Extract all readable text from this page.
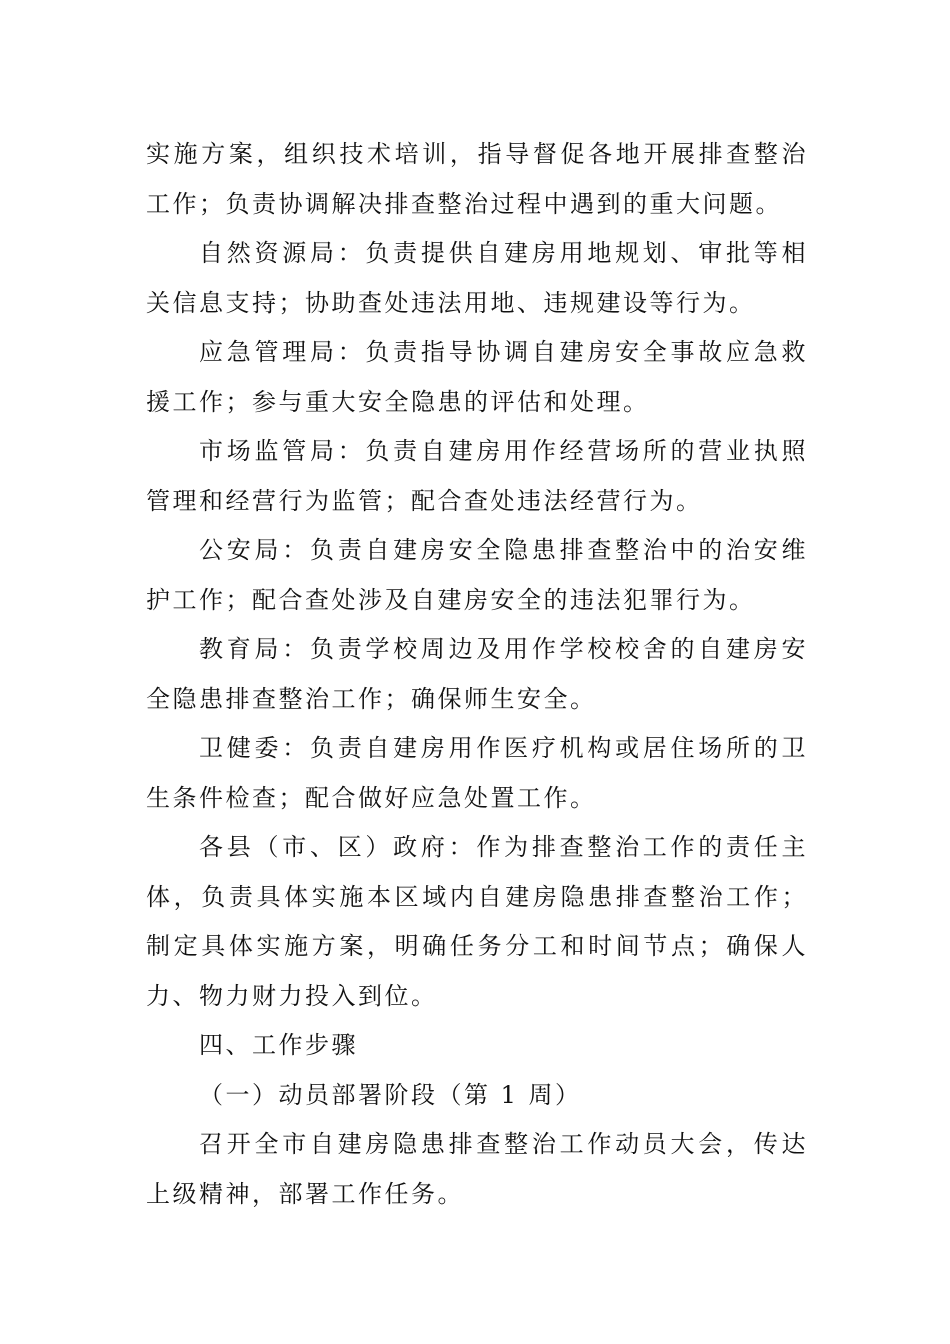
实施方案，组织技术培训，指导督促各地开展排查整治工作；负责协调解决排查整治过程中遇到的重大问题。

自然资源局：负责提供自建房用地规划、审批等相关信息支持；协助查处违法用地、违规建设等行为。

应急管理局：负责指导协调自建房安全事故应急救援工作；参与重大安全隐患的评估和处理。

市场监管局：负责自建房用作经营场所的营业执照管理和经营行为监管；配合查处违法经营行为。

公安局：负责自建房安全隐患排查整治中的治安维护工作；配合查处涉及自建房安全的违法犯罪行为。

教育局：负责学校周边及用作学校校舍的自建房安全隐患排查整治工作；确保师生安全。

卫健委：负责自建房用作医疗机构或居住场所的卫生条件检查；配合做好应急处置工作。

各县（市、区）政府：作为排查整治工作的责任主体，负责具体实施本区域内自建房隐患排查整治工作；制定具体实施方案，明确任务分工和时间节点；确保人力、物力财力投入到位。

四、工作步骤

（一）动员部署阶段（第 1 周）

召开全市自建房隐患排查整治工作动员大会，传达上级精神，部署工作任务。
